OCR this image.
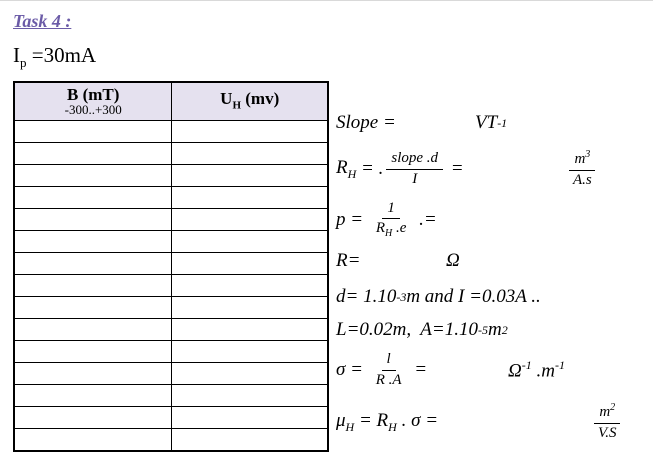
Task 4 :
$I_p =30mA$
B (mT)
-300..+300	$U_H$ (mv)

Slope =	VT -1
$R_H$ = . $\frac{\text{slope .d}}{I}$ =	$\frac{m^3}{A.s}$
$p = \frac{1}{R_H .e}$ .=
R=	Ω
d= 1.10 -3 m and I =0.03A ..
L=0.02m,  A=1.10 -5 m 2
$\sigma = \frac{l}{R .A}$ =	$\Omega^{-1}$ $.m^{-1}$
$\mu_H = R_H$ . σ =	$\frac{m^2}{V.S}$
